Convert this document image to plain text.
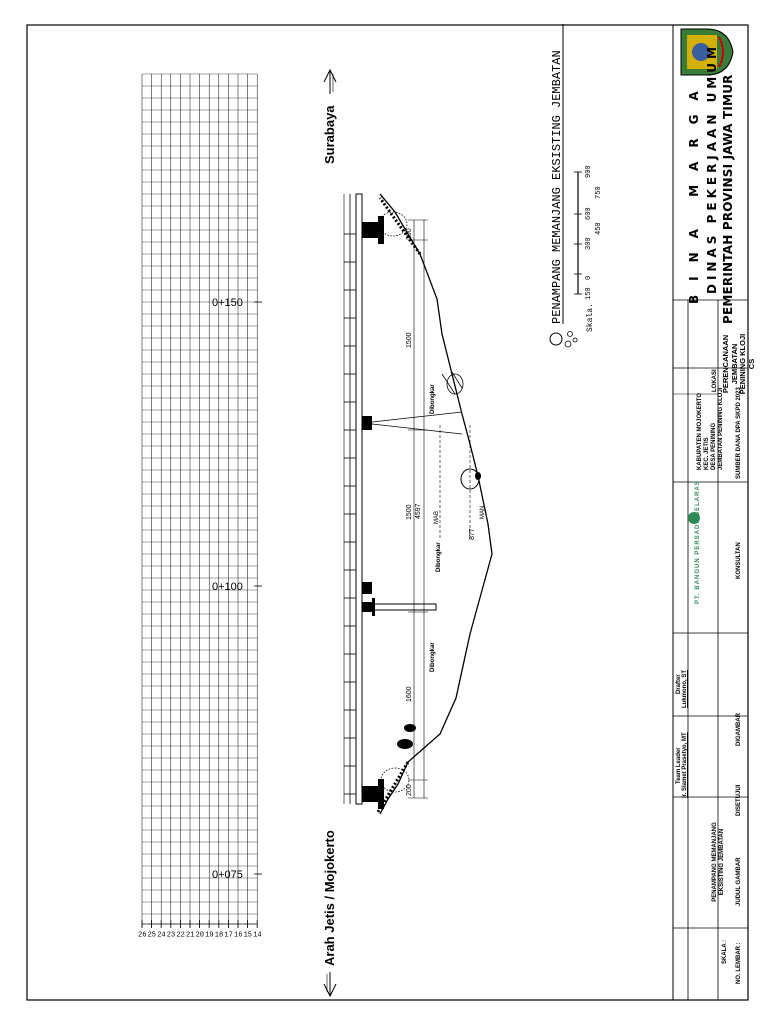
26 25 24 23 22 21 20 19 18 17 16 15 14
0+075
0+100
0+150
Arah Jetis / Mojokerto
Surabaya
200
1600
1500
1500
200
4597
877
Dibongkar
Dibongkar
Dibongkar
MAB	MAN
PENAMPANG MEMANJANG EKSISTING JEMBATAN	150
0
300
600
900
450
750
Skala.	PEMERINTAH PROVINSI JAWA TIMUR
DINAS PEKERJAAN UMUM
BINA MARGA
PERENCANAAN JEMBATAN PENINING KLOJI CS
SUMBER DANA DPA SKPD 2023
LOKASI
JEMBATAN PENINING KLOJI
DESA PENINING
KEC. JETIS
KABUPATEN MOJOKERTO
KONSULTAN
PT. BANGUN PERSADA SELARAS
DIGAMBAR
Lukmono, ST
Drafter
DISETUJUI
Ir. Slamet Prasetyo, MT
Team Leader
JUDUL GAMBAR
PENAMPANG MEMANJANG EKSISTING JEMBATAN
NO. LEMBAR :
SKALA :
